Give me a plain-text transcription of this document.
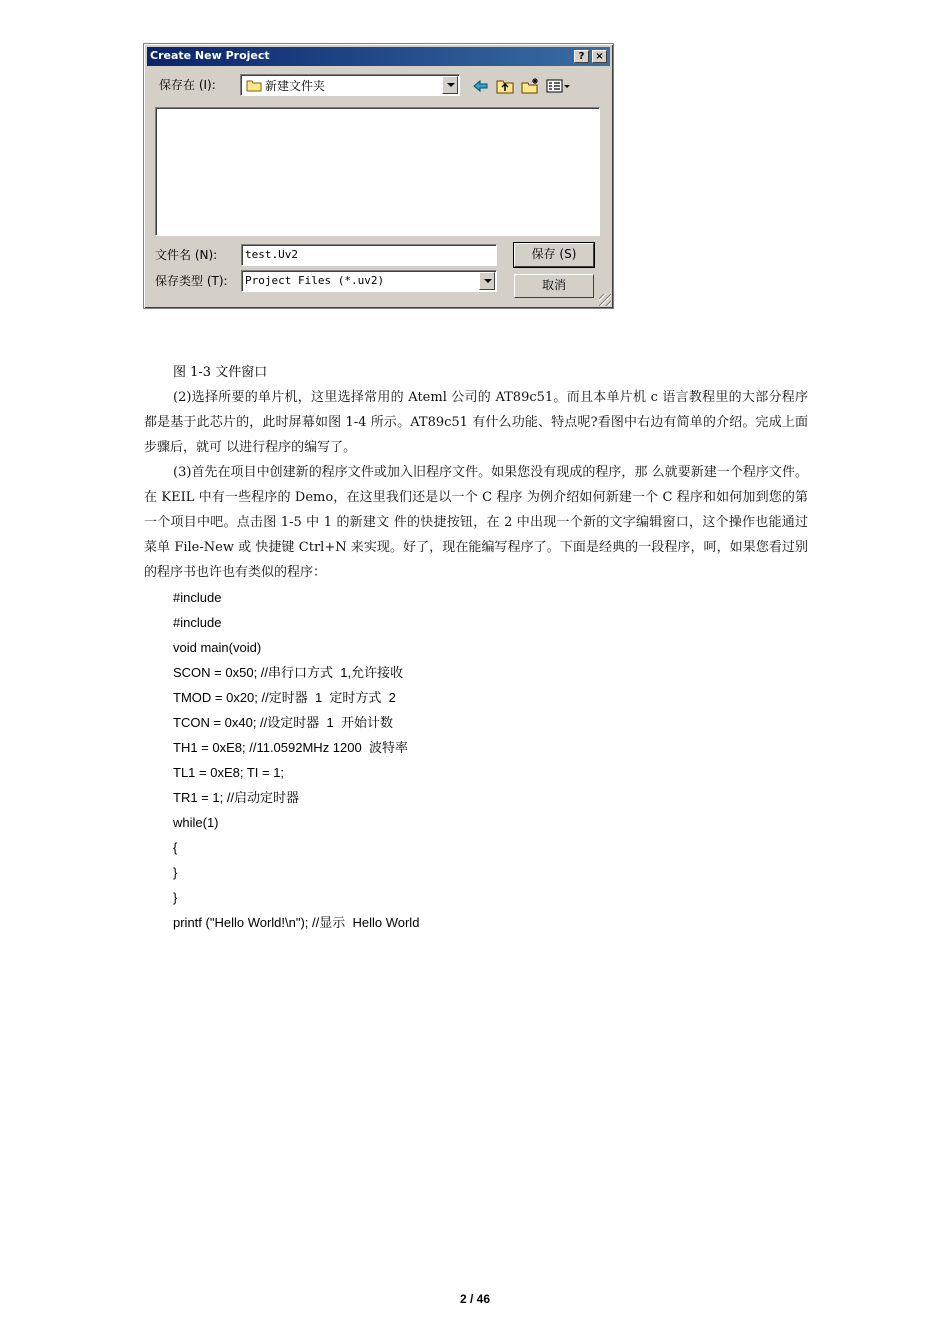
Create New Project	?	×
保存在 (I):	新建文件夹
文件名 (N):	test.Uv2
保存类型 (T): Project Files (*.uv2)
保存 (S)
取消
图 1-3 文件窗口
(2)选择所要的单片机，这里选择常用的 Ateml 公司的 AT89c51。而且本单片机 c 语言教程里的大部分程序都是基于此芯片的，此时屏幕如图 1-4 所示。AT89c51 有什么功能、特点呢?看图中右边有简单的介绍。完成上面步骤后，就可 以进行程序的编写了。
(3)首先在项目中创建新的程序文件或加入旧程序文件。如果您没有现成的程序，那 么就要新建一个程序文件。在 KEIL 中有一些程序的 Demo，在这里我们还是以一个 C 程序 为例介绍如何新建一个 C 程序和如何加到您的第一个项目中吧。点击图 1-5 中 1 的新建文 件的快捷按钮，在 2 中出现一个新的文字编辑窗口，这个操作也能通过菜单 File-New 或 快捷键 Ctrl+N 来实现。好了，现在能编写程序了。下面是经典的一段程序，呵，如果您看过别的程序书也许也有类似的程序：
#include
#include
void main(void)
SCON = 0x50; //串行口方式  1,允许接收
TMOD = 0x20; //定时器  1  定时方式  2
TCON = 0x40; //设定时器  1  开始计数
TH1 = 0xE8; //11.0592MHz 1200  波特率
TL1 = 0xE8; TI = 1;
TR1 = 1; //启动定时器
while(1)
{
}
}
printf ("Hello World!\n"); //显示  Hello World
2 / 46
